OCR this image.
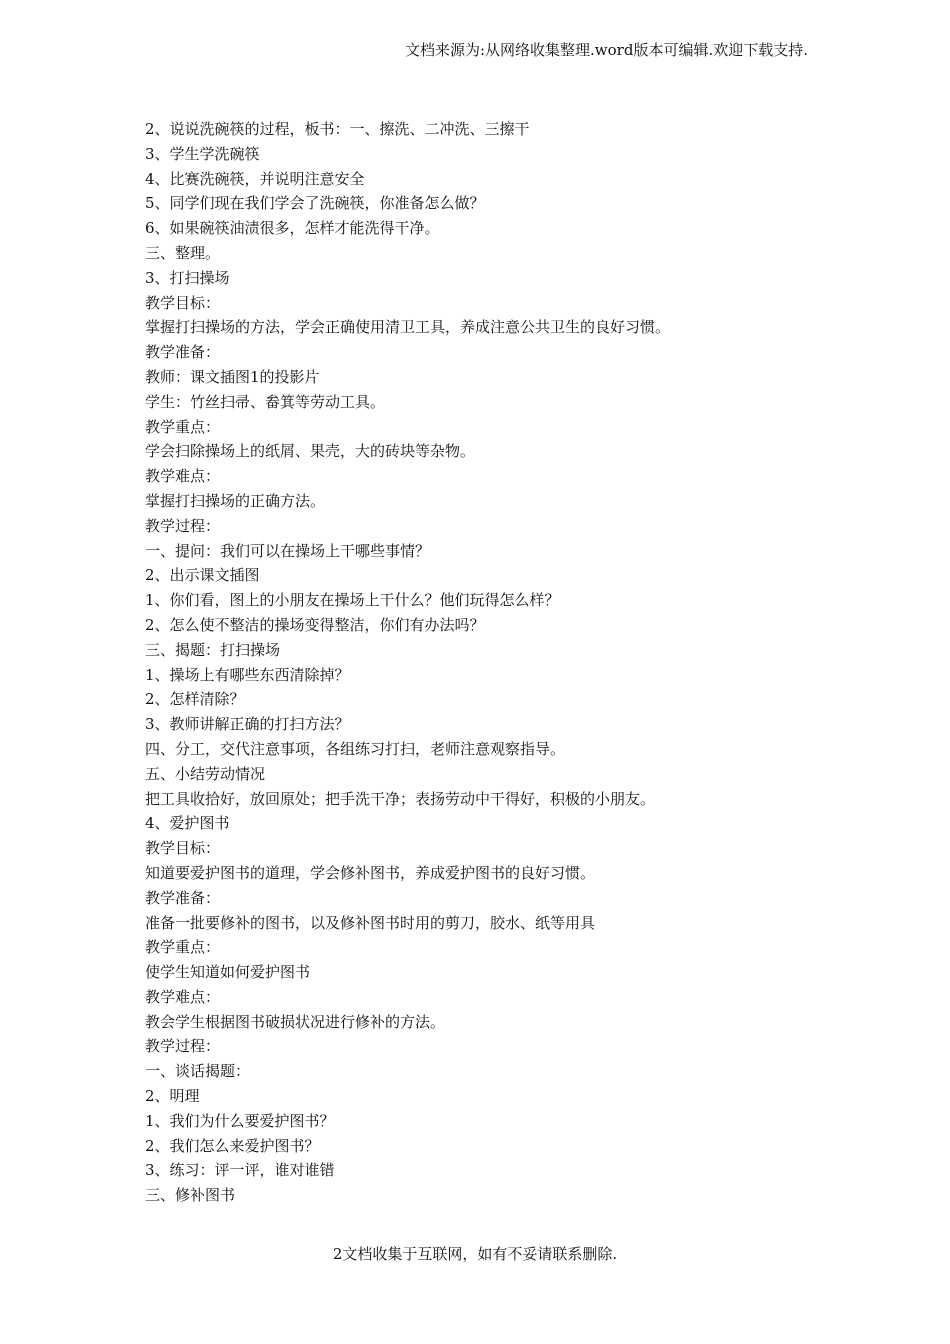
文档来源为:从网络收集整理.word版本可编辑.欢迎下载支持.
2、说说洗碗筷的过程，板书：一、擦洗、二冲洗、三擦干
3、学生学洗碗筷
4、比赛洗碗筷，并说明注意安全
5、同学们现在我们学会了洗碗筷，你准备怎么做？
6、如果碗筷油渍很多，怎样才能洗得干净。
三、整理。
3、打扫操场
教学目标：
掌握打扫操场的方法，学会正确使用清卫工具，养成注意公共卫生的良好习惯。
教学准备：
教师：课文插图1的投影片
学生：竹丝扫帚、畚箕等劳动工具。
教学重点：
学会扫除操场上的纸屑、果壳，大的砖块等杂物。
教学难点：
掌握打扫操场的正确方法。
教学过程：
一、提问：我们可以在操场上干哪些事情？
2、出示课文插图
1、你们看，图上的小朋友在操场上干什么？他们玩得怎么样？
2、怎么使不整洁的操场变得整洁，你们有办法吗？
三、揭题：打扫操场
1、操场上有哪些东西清除掉？
2、怎样清除？
3、教师讲解正确的打扫方法？
四、分工，交代注意事项，各组练习打扫，老师注意观察指导。
五、小结劳动情况
把工具收拾好，放回原处；把手洗干净；表扬劳动中干得好，积极的小朋友。
4、爱护图书
教学目标：
知道要爱护图书的道理，学会修补图书，养成爱护图书的良好习惯。
教学准备：
准备一批要修补的图书，以及修补图书时用的剪刀，胶水、纸等用具
教学重点：
使学生知道如何爱护图书
教学难点：
教会学生根据图书破损状况进行修补的方法。
教学过程：
一、谈话揭题：
2、明理
1、我们为什么要爱护图书？
2、我们怎么来爱护图书？
3、练习：评一评，谁对谁错
三、修补图书
2文档收集于互联网，如有不妥请联系删除.
